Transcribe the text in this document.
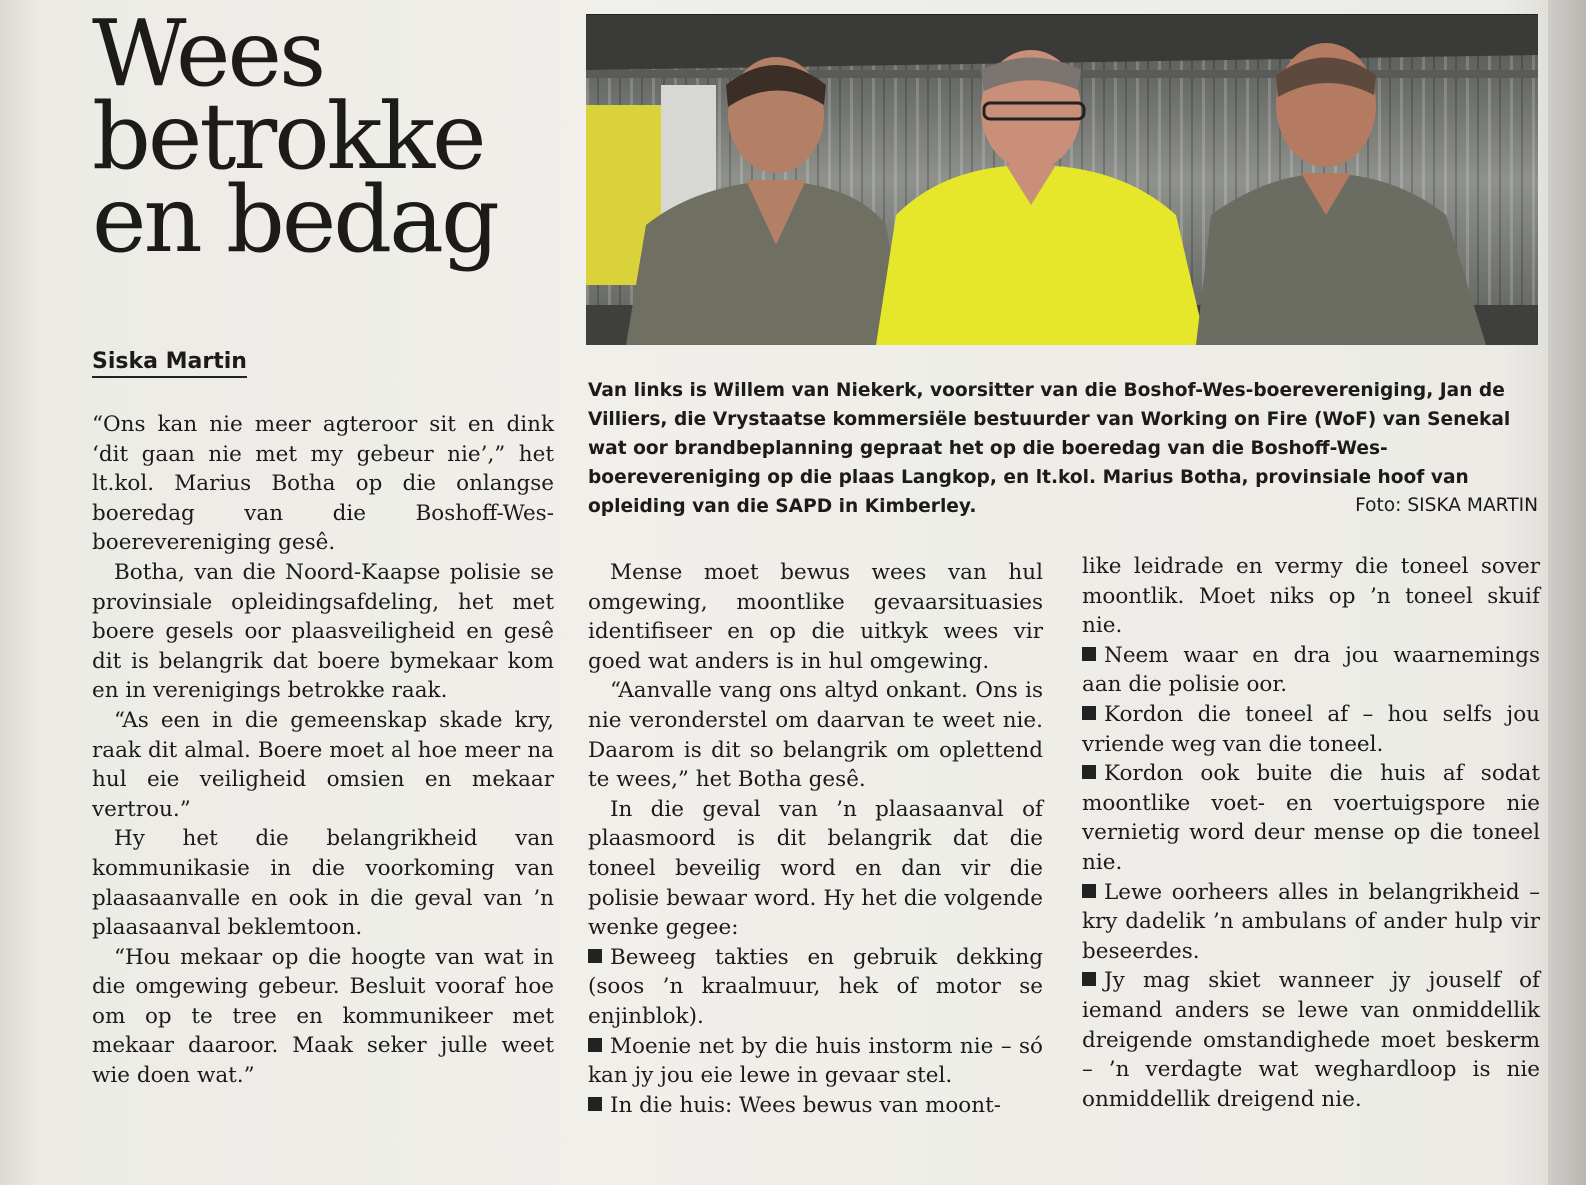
Wees
betrokke
en bedag
Siska Martin

“Ons kan nie meer agteroor sit en dink ‘dit gaan nie met my gebeur nie’,” het lt.kol. Marius Botha op die onlangse boeredag van die Boshoff-Wes-boerevereniging gesê.

Botha, van die Noord-Kaapse polisie se provinsiale opleidingsafdeling, het met boere gesels oor plaasveiligheid en gesê dit is belangrik dat boere bymekaar kom en in verenigings betrokke raak.

“As een in die gemeenskap skade kry, raak dit almal. Boere moet al hoe meer na hul eie veiligheid omsien en mekaar vertrou.”

Hy het die belangrikheid van kommunikasie in die voorkoming van plaasaanvalle en ook in die geval van ’n plaasaanval beklemtoon.

“Hou mekaar op die hoogte van wat in die omgewing gebeur. Besluit vooraf hoe om op te tree en kommunikeer met mekaar daaroor. Maak seker julle weet wie doen wat.”

Van links is Willem van Niekerk, voorsitter van die Boshof-Wes-boerevereniging, Jan de Villiers, die Vrystaatse kommersiële bestuurder van Working on Fire (WoF) van Senekal wat oor brandbeplanning gepraat het op die boeredag van die Boshoff-Wes-boerevereniging op die plaas Langkop, en lt.kol. Marius Botha, provinsiale hoof van opleiding van die SAPD in Kimberley.	Foto: SISKA MARTIN

Mense moet bewus wees van hul omgewing, moontlike gevaarsituasies identifiseer en op die uitkyk wees vir goed wat anders is in hul omgewing.

“Aanvalle vang ons altyd onkant. Ons is nie veronderstel om daarvan te weet nie. Daarom is dit so belangrik om oplettend te wees,” het Botha gesê.

In die geval van ’n plaasaanval of plaasmoord is dit belangrik dat die toneel beveilig word en dan vir die polisie bewaar word. Hy het die volgende wenke gegee:

Beweeg takties en gebruik dekking (soos ’n kraalmuur, hek of motor se enjinblok).

Moenie net by die huis instorm nie – só kan jy jou eie lewe in gevaar stel.

In die huis: Wees bewus van moont-

like leidrade en vermy die toneel sover moontlik. Moet niks op ’n toneel skuif nie.

Neem waar en dra jou waarnemings aan die polisie oor.

Kordon die toneel af – hou selfs jou vriende weg van die toneel.

Kordon ook buite die huis af sodat moontlike voet- en voertuigspore nie vernietig word deur mense op die toneel nie.

Lewe oorheers alles in belangrikheid – kry dadelik ’n ambulans of ander hulp vir beseerdes.

Jy mag skiet wanneer jy jouself of iemand anders se lewe van onmiddellik dreigende omstandighede moet beskerm – ’n verdagte wat weghardloop is nie onmiddellik dreigend nie.
